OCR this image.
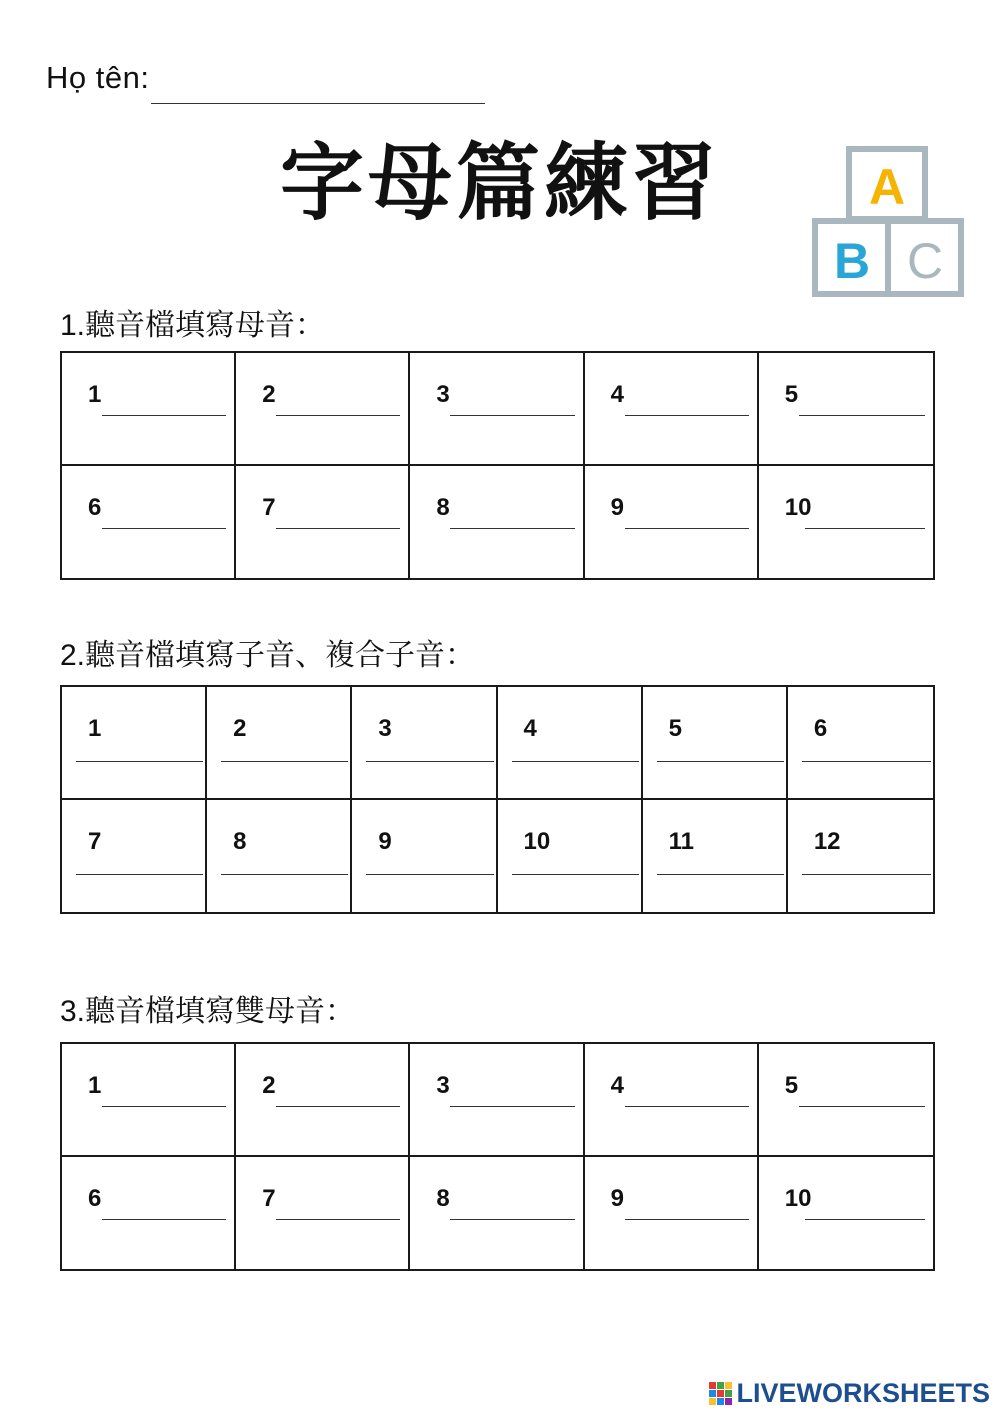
Họ tên:
字母篇練習	A
B C
1.聽音檔填寫母音：
1	2	3	4	5
6	7	8	9	10
2.聽音檔填寫子音、複合子音：
1	2	3	4	5	6
7	8	9	10	11	12
3.聽音檔填寫雙母音：
1	2	3	4	5
6	7	8	9	10
LIVEWORKSHEETS
